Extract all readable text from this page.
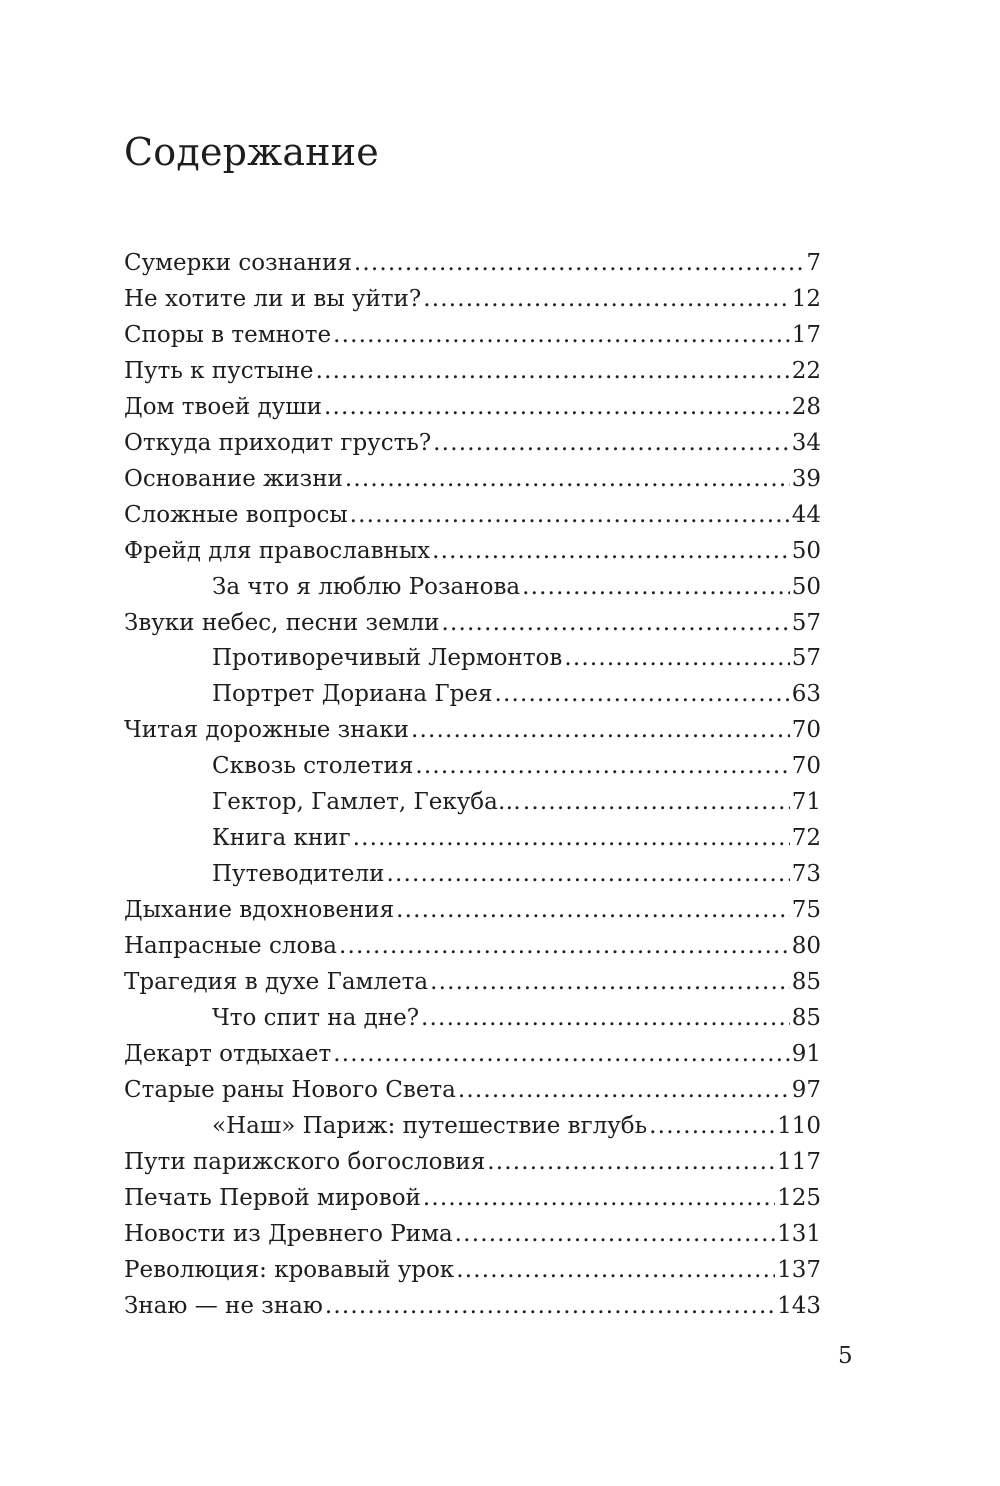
Содержание
Сумерки сознания .....	7
Не хотите ли и вы уйти? .....	12
Споры в темноте .....	17
Путь к пустыне .....	22
Дом твоей души .....	28
Откуда приходит грусть? .....	34
Основание жизни .....	39
Сложные вопросы .....	44
Фрейд для православных .....	50
За что я люблю Розанова .....	50
Звуки небес, песни земли .....	57
Противоречивый Лермонтов .....	57
Портрет Дориана Грея .....	63
Читая дорожные знаки .....	70
Сквозь столетия .....	70
Гектор, Гамлет, Гекуба… .....	71
Книга книг .....	72
Путеводители .....	73
Дыхание вдохновения .....	75
Напрасные слова .....	80
Трагедия в духе Гамлета .....	85
Что спит на дне? .....	85
Декарт отдыхает .....	91
Старые раны Нового Света .....	97
«Наш» Париж: путешествие вглубь .....	110
Пути парижского богословия .....	117
Печать Первой мировой .....	125
Новости из Древнего Рима .....	131
Революция: кровавый урок .....	137
Знаю — не знаю .....	143
5
